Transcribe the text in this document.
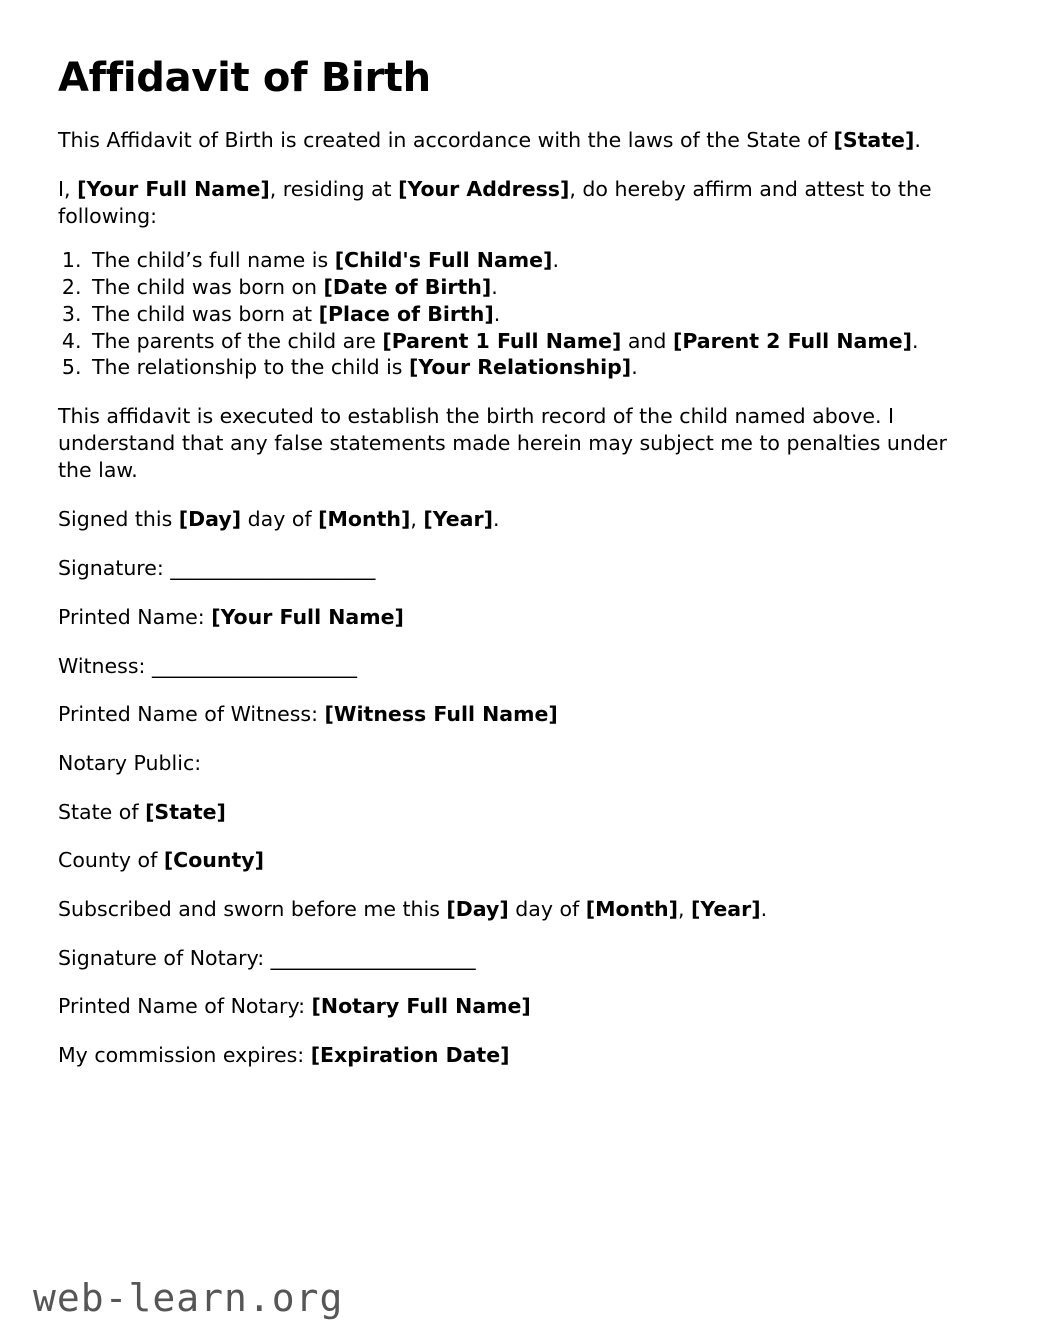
Affidavit of Birth

This Affidavit of Birth is created in accordance with the laws of the State of [State].

I, [Your Full Name], residing at [Your Address], do hereby affirm and attest to the following:

1. The child’s full name is [Child's Full Name].
2. The child was born on [Date of Birth].
3. The child was born at [Place of Birth].
4. The parents of the child are [Parent 1 Full Name] and [Parent 2 Full Name].
5. The relationship to the child is [Your Relationship].

This affidavit is executed to establish the birth record of the child named above. I understand that any false statements made herein may subject me to penalties under the law.

Signed this [Day] day of [Month], [Year].

Signature: ____________________

Printed Name: [Your Full Name]

Witness: ____________________

Printed Name of Witness: [Witness Full Name]

Notary Public:

State of [State]

County of [County]

Subscribed and sworn before me this [Day] day of [Month], [Year].

Signature of Notary: ____________________

Printed Name of Notary: [Notary Full Name]

My commission expires: [Expiration Date]

web-learn.org
